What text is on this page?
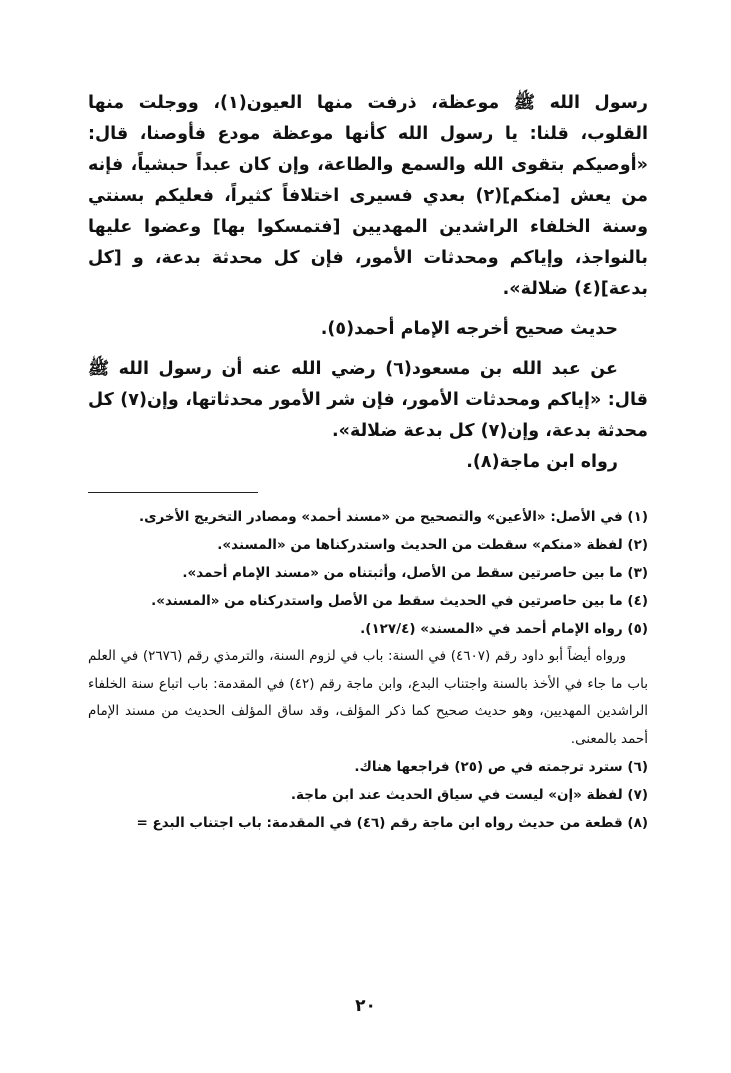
رسول الله ﷺ موعظة، ذرفت منها العيون(١)، ووجلت منها القلوب، قلنا: يا رسول الله كأنها موعظة مودع فأوصنا، قال: «أوصيكم بتقوى الله والسمع والطاعة، وإن كان عبداً حبشياً، فإنه من يعش [منكم](٢) بعدي فسيرى اختلافاً كثيراً، فعليكم بسنتي وسنة الخلفاء الراشدين المهديين [فتمسكوا بها] وعضوا عليها بالنواجذ، وإياكم ومحدثات الأمور، فإن كل محدثة بدعة، و [كل بدعة](٤) ضلالة».

حديث صحيح أخرجه الإمام أحمد(٥).

عن عبد الله بن مسعود(٦) رضي الله عنه أن رسول الله ﷺ قال: «إياكم ومحدثات الأمور، فإن شر الأمور محدثاتها، وإن(٧) كل محدثة بدعة، وإن(٧) كل بدعة ضلالة».

رواه ابن ماجة(٨).

(١) في الأصل: «الأعين» والتصحيح من «مسند أحمد» ومصادر التخريج الأخرى.

(٢) لفظة «منكم» سقطت من الحديث واستدركناها من «المسند».

(٣) ما بين حاصرتين سقط من الأصل، وأثبتناه من «مسند الإمام أحمد».

(٤) ما بين حاصرتين في الحديث سقط من الأصل واستدركناه من «المسند».

(٥) رواه الإمام أحمد في «المسند» (١٢٧/٤).

ورواه أيضاً أبو داود رقم (٤٦٠٧) في السنة: باب في لزوم السنة، والترمذي رقم (٢٦٧٦) في العلم باب ما جاء في الأخذ بالسنة واجتناب البدع، وابن ماجة رقم (٤٢) في المقدمة: باب اتباع سنة الخلفاء الراشدين المهديين، وهو حديث صحيح كما ذكر المؤلف، وقد ساق المؤلف الحديث من مسند الإمام أحمد بالمعنى.

(٦) سترد ترجمته في ص (٢٥) فراجعها هناك.

(٧) لفظة «إن» ليست في سياق الحديث عند ابن ماجة.

(٨) قطعة من حديث رواه ابن ماجة رقم (٤٦) في المقدمة: باب اجتناب البدع =

٢٠
